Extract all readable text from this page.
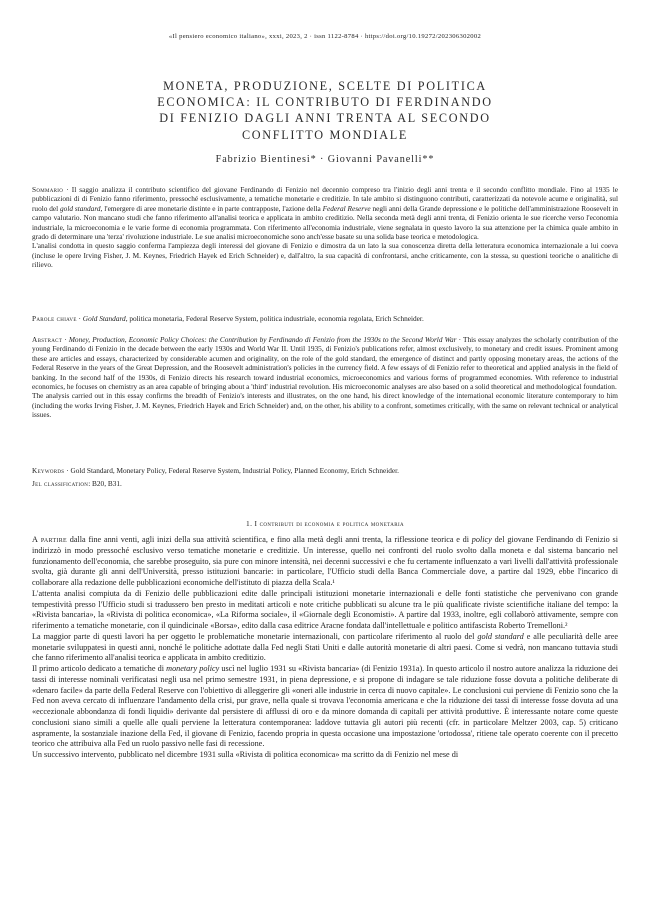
«Il pensiero economico italiano», xxxi, 2023, 2 · issn 1122-8784 · https://doi.org/10.19272/202306302002
MONETA, PRODUZIONE, SCELTE DI POLITICA
ECONOMICA: IL CONTRIBUTO DI FERDINANDO
DI FENIZIO DAGLI ANNI TRENTA AL SECONDO
CONFLITTO MONDIALE
Fabrizio Bientinesi* · Giovanni Pavanelli**
Sommario · Il saggio analizza il contributo scientifico del giovane Ferdinando di Fenizio nel decennio compreso tra l'inizio degli anni trenta e il secondo conflitto mondiale. Fino al 1935 le pubblicazioni di di Fenizio fanno riferimento, pressoché esclusivamente, a tematiche monetarie e creditizie. In tale ambito si distinguono contributi, caratterizzati da notevole acume e originalità, sul ruolo del gold standard, l'emergere di aree monetarie distinte e in parte contrapposte, l'azione della Federal Reserve negli anni della Grande depressione e le politiche dell'amministrazione Roosevelt in campo valutario. Non mancano studi che fanno riferimento all'analisi teorica e applicata in ambito creditizio. Nella seconda metà degli anni trenta, di Fenizio orienta le sue ricerche verso l'economia industriale, la microeconomia e le varie forme di economia programmata. Con riferimento all'economia industriale, viene segnalata in questo lavoro la sua attenzione per la chimica quale ambito in grado di determinare una 'terza' rivoluzione industriale. Le sue analisi microeconomiche sono anch'esse basate su una solida base teorica e metodologica.
L'analisi condotta in questo saggio conferma l'ampiezza degli interessi del giovane di Fenizio e dimostra da un lato la sua conoscenza diretta della letteratura economica internazionale a lui coeva (incluse le opere Irving Fisher, J. M. Keynes, Friedrich Hayek ed Erich Schneider) e, dall'altro, la sua capacità di confrontarsi, anche criticamente, con la stessa, su questioni teoriche o analitiche di rilievo.
Parole chiave · Gold Standard, politica monetaria, Federal Reserve System, politica industriale, economia regolata, Erich Schneider.
Abstract · Money, Production, Economic Policy Choices: the Contribution by Ferdinando di Fenizio from the 1930s to the Second World War · This essay analyzes the scholarly contribution of the young Ferdinando di Fenizio in the decade between the early 1930s and World War II. Until 1935, di Fenizio's publications refer, almost exclusively, to monetary and credit issues. Prominent among these are articles and essays, characterized by considerable acumen and originality, on the role of the gold standard, the emergence of distinct and partly opposing monetary areas, the actions of the Federal Reserve in the years of the Great Depression, and the Roosevelt administration's policies in the currency field. A few essays of di Fenizio refer to theoretical and applied analysis in the field of banking. In the second half of the 1930s, di Fenizio directs his research toward industrial economics, microeconomics and various forms of programmed economies. With reference to industrial economics, he focuses on chemistry as an area capable of bringing about a 'third' industrial revolution. His microeconomic analyses are also based on a solid theoretical and methodological foundation.
The analysis carried out in this essay confirms the breadth of Fenizio's interests and illustrates, on the one hand, his direct knowledge of the international economic literature contemporary to him (including the works Irving Fisher, J. M. Keynes, Friedrich Hayek and Erich Schneider) and, on the other, his ability to a confront, sometimes critically, with the same on relevant technical or analytical issues.
Keywords · Gold Standard, Monetary Policy, Federal Reserve System, Industrial Policy, Planned Economy, Erich Schneider.
Jel classification: B20, B31.
1. I contributi di economia e politica monetaria

A partire dalla fine anni venti, agli inizi della sua attività scientifica, e fino alla metà degli anni trenta, la riflessione teorica e di policy del giovane Ferdinando di Fenizio si indirizzò in modo pressoché esclusivo verso tematiche monetarie e creditizie. Un interesse, quello nei confronti del ruolo svolto dalla moneta e dal sistema bancario nel funzionamento dell'economia, che sarebbe proseguito, sia pure con minore intensità, nei decenni successivi e che fu certamente influenzato a vari livelli dall'attività professionale svolta, già durante gli anni dell'Università, presso istituzioni bancarie: in particolare, l'Ufficio studi della Banca Commerciale dove, a partire dal 1929, ebbe l'incarico di collaborare alla redazione delle pubblicazioni economiche dell'istituto di piazza della Scala.¹

L'attenta analisi compiuta da di Fenizio delle pubblicazioni edite dalle principali istituzioni monetarie internazionali e delle fonti statistiche che pervenivano con grande tempestività presso l'Ufficio studi si tradussero ben presto in meditati articoli e note critiche pubblicati su alcune tra le più qualificate riviste scientifiche italiane del tempo: la «Rivista bancaria», la «Rivista di politica economica», «La Riforma sociale», il «Giornale degli Economisti». A partire dal 1933, inoltre, egli collaborò attivamente, sempre con riferimento a tematiche monetarie, con il quindicinale «Borsa», edito dalla casa editrice Aracne fondata dall'intellettuale e politico antifascista Roberto Tremelloni.²

La maggior parte di questi lavori ha per oggetto le problematiche monetarie internazionali, con particolare riferimento al ruolo del gold standard e alle peculiarità delle aree monetarie sviluppatesi in questi anni, nonché le politiche adottate dalla Fed negli Stati Uniti e dalle autorità monetarie di altri paesi. Come si vedrà, non mancano tuttavia studi che fanno riferimento all'analisi teorica e applicata in ambito creditizio.

Il primo articolo dedicato a tematiche di monetary policy uscì nel luglio 1931 su «Rivista bancaria» (di Fenizio 1931a). In questo articolo il nostro autore analizza la riduzione dei tassi di interesse nominali verificatasi negli usa nel primo semestre 1931, in piena depressione, e si propone di indagare se tale riduzione fosse dovuta a politiche deliberate di «denaro facile» da parte della Federal Reserve con l'obiettivo di alleggerire gli «oneri alle industrie in cerca di nuovo capitale». Le conclusioni cui perviene di Fenizio sono che la Fed non aveva cercato di influenzare l'andamento della crisi, pur grave, nella quale si trovava l'economia americana e che la riduzione dei tassi di interesse fosse dovuta ad una «eccezionale abbondanza di fondi liquidi» derivante dal persistere di afflussi di oro e da minore domanda di capitali per attività produttive. È interessante notare come queste conclusioni siano simili a quelle alle quali perviene la letteratura contemporanea: laddove tuttavia gli autori più recenti (cfr. in particolare Meltzer 2003, cap. 5) criticano aspramente, la sostanziale inazione della Fed, il giovane di Fenizio, facendo propria in questa occasione una impostazione 'ortodossa', ritiene tale operato coerente con il precetto teorico che attribuiva alla Fed un ruolo passivo nelle fasi di recessione.

Un successivo intervento, pubblicato nel dicembre 1931 sulla «Rivista di politica economica» ma scritto da di Fenizio nel mese di
